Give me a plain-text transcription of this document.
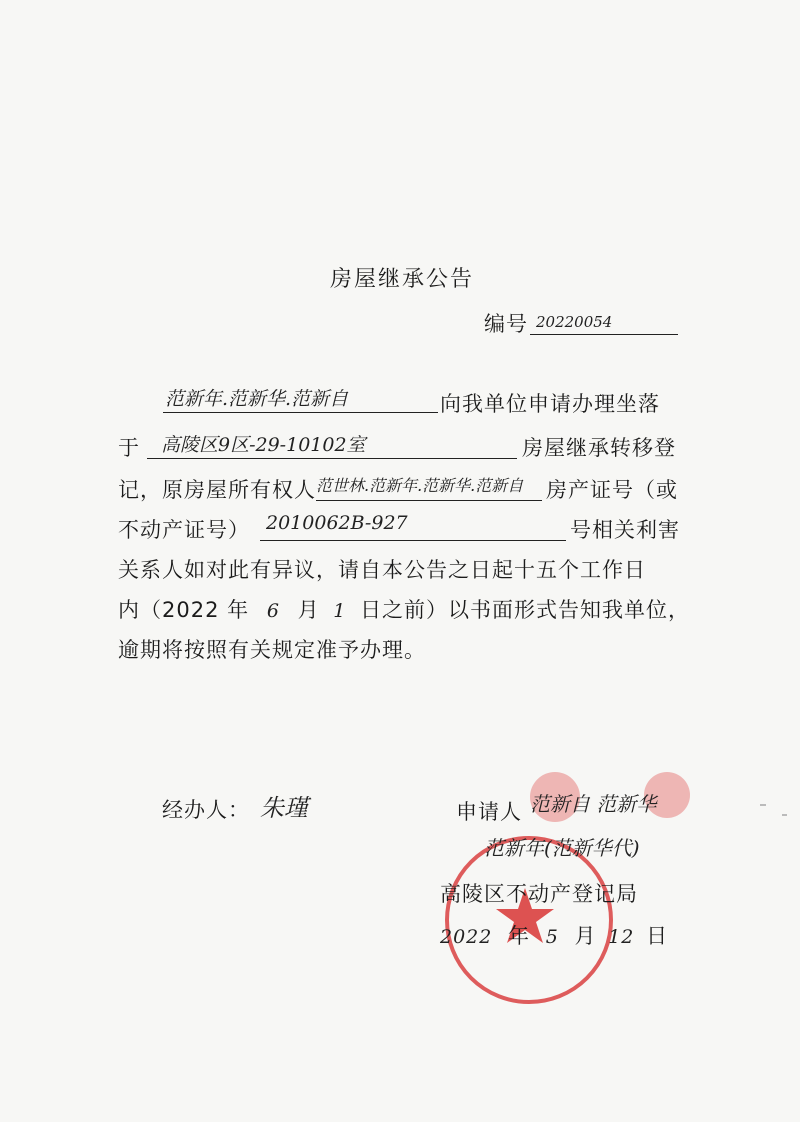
房屋继承公告
编号 20220054
范新年.范新华.范新自	向我单位申请办理坐落
于 高陵区9区-29-10102室	房屋继承转移登
记，原房屋所有权人 范世林.范新年.范新华.范新自 房产证号（或
不动产证号） 2010062B-927	号相关利害
关系人如对此有异议，请自本公告之日起十五个工作日
内（2022 年 6 月 1 日之前）以书面形式告知我单位，
逾期将按照有关规定准予办理。
经办人： 朱瑾	申请人 范新自 范新华
范新年(范新华代)
高陵区不动产登记局
2022 年 5 月 12 日
